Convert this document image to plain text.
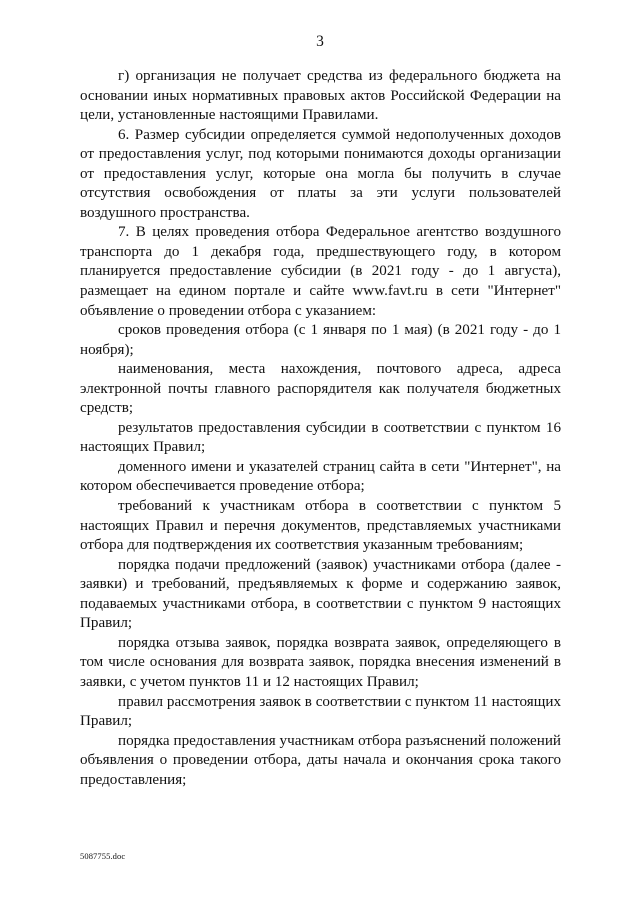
3

г) организация не получает средства из федерального бюджета на основании иных нормативных правовых актов Российской Федерации на цели, установленные настоящими Правилами.

6. Размер субсидии определяется суммой недополученных доходов от предоставления услуг, под которыми понимаются доходы организации от предоставления услуг, которые она могла бы получить в случае отсутствия освобождения от платы за эти услуги пользователей воздушного пространства.

7. В целях проведения отбора Федеральное агентство воздушного транспорта до 1 декабря года, предшествующего году, в котором планируется предоставление субсидии (в 2021 году - до 1 августа), размещает на едином портале и сайте www.favt.ru в сети "Интернет" объявление о проведении отбора с указанием:

сроков проведения отбора (с 1 января по 1 мая) (в 2021 году - до 1 ноября);

наименования, места нахождения, почтового адреса, адреса электронной почты главного распорядителя как получателя бюджетных средств;

результатов предоставления субсидии в соответствии с пунктом 16 настоящих Правил;

доменного имени и указателей страниц сайта в сети "Интернет", на котором обеспечивается проведение отбора;

требований к участникам отбора в соответствии с пунктом 5 настоящих Правил и перечня документов, представляемых участниками отбора для подтверждения их соответствия указанным требованиям;

порядка подачи предложений (заявок) участниками отбора (далее - заявки) и требований, предъявляемых к форме и содержанию заявок, подаваемых участниками отбора, в соответствии с пунктом 9 настоящих Правил;

порядка отзыва заявок, порядка возврата заявок, определяющего в том числе основания для возврата заявок, порядка внесения изменений в заявки, с учетом пунктов 11 и 12 настоящих Правил;

правил рассмотрения заявок в соответствии с пунктом 11 настоящих Правил;

порядка предоставления участникам отбора разъяснений положений объявления о проведении отбора, даты начала и окончания срока такого предоставления;

5087755.doc
